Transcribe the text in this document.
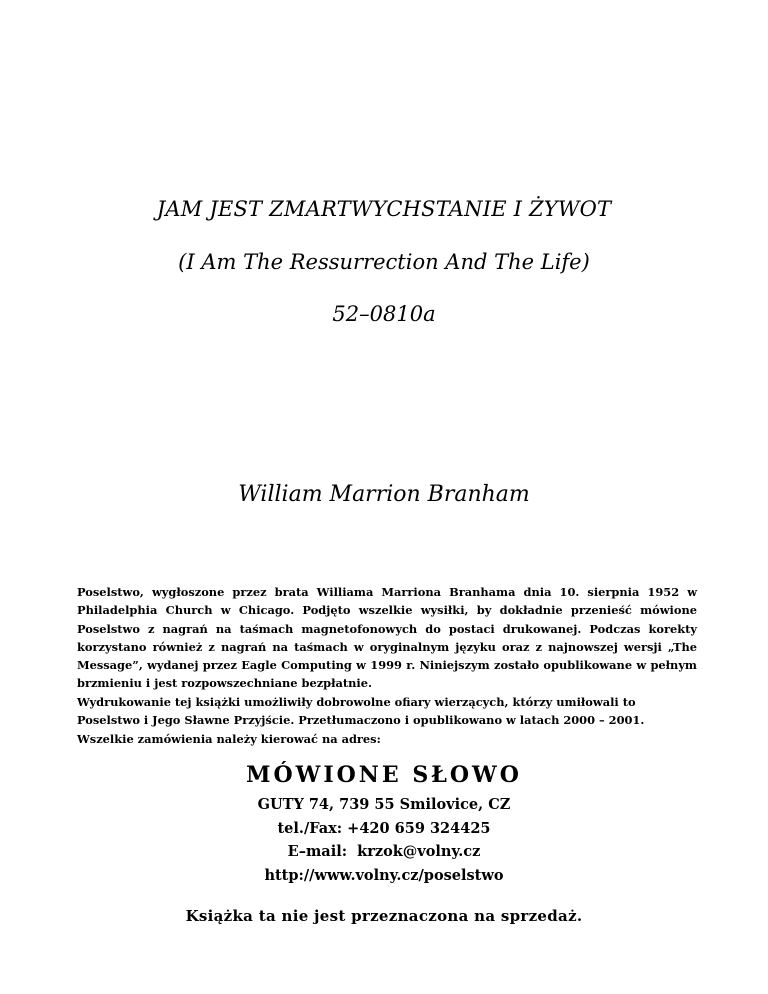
JAM JEST ZMARTWYCHSTANIE I ŻYWOT
(I Am The Ressurrection And The Life)
52–0810a
William Marrion Branham
Poselstwo, wygłoszone przez brata Williama Marriona Branhama dnia 10. sierpnia 1952 w Philadelphia Church w Chicago. Podjęto wszelkie wysiłki, by dokładnie przenieść mówione Poselstwo z nagrań na taśmach magnetofonowych do postaci drukowanej. Podczas korekty korzystano również z nagrań na taśmach w oryginalnym języku oraz z najnowszej wersji „The Message”, wydanej przez Eagle Computing w 1999 r. Niniejszym zostało opublikowane w pełnym brzmieniu i jest rozpowszechniane bezpłatnie.
Wydrukowanie tej książki umożliwiły dobrowolne ofiary wierzących, którzy umiłowali to Poselstwo i Jego Sławne Przyjście. Przetłumaczono i opublikowano w latach 2000 – 2001. Wszelkie zamówienia należy kierować na adres:
MÓWIONE SŁOWO
GUTY 74, 739 55 Smilovice, CZ
tel./Fax: +420 659 324425
E–mail:  krzok@volny.cz
http://www.volny.cz/poselstwo
Książka ta nie jest przeznaczona na sprzedaż.
